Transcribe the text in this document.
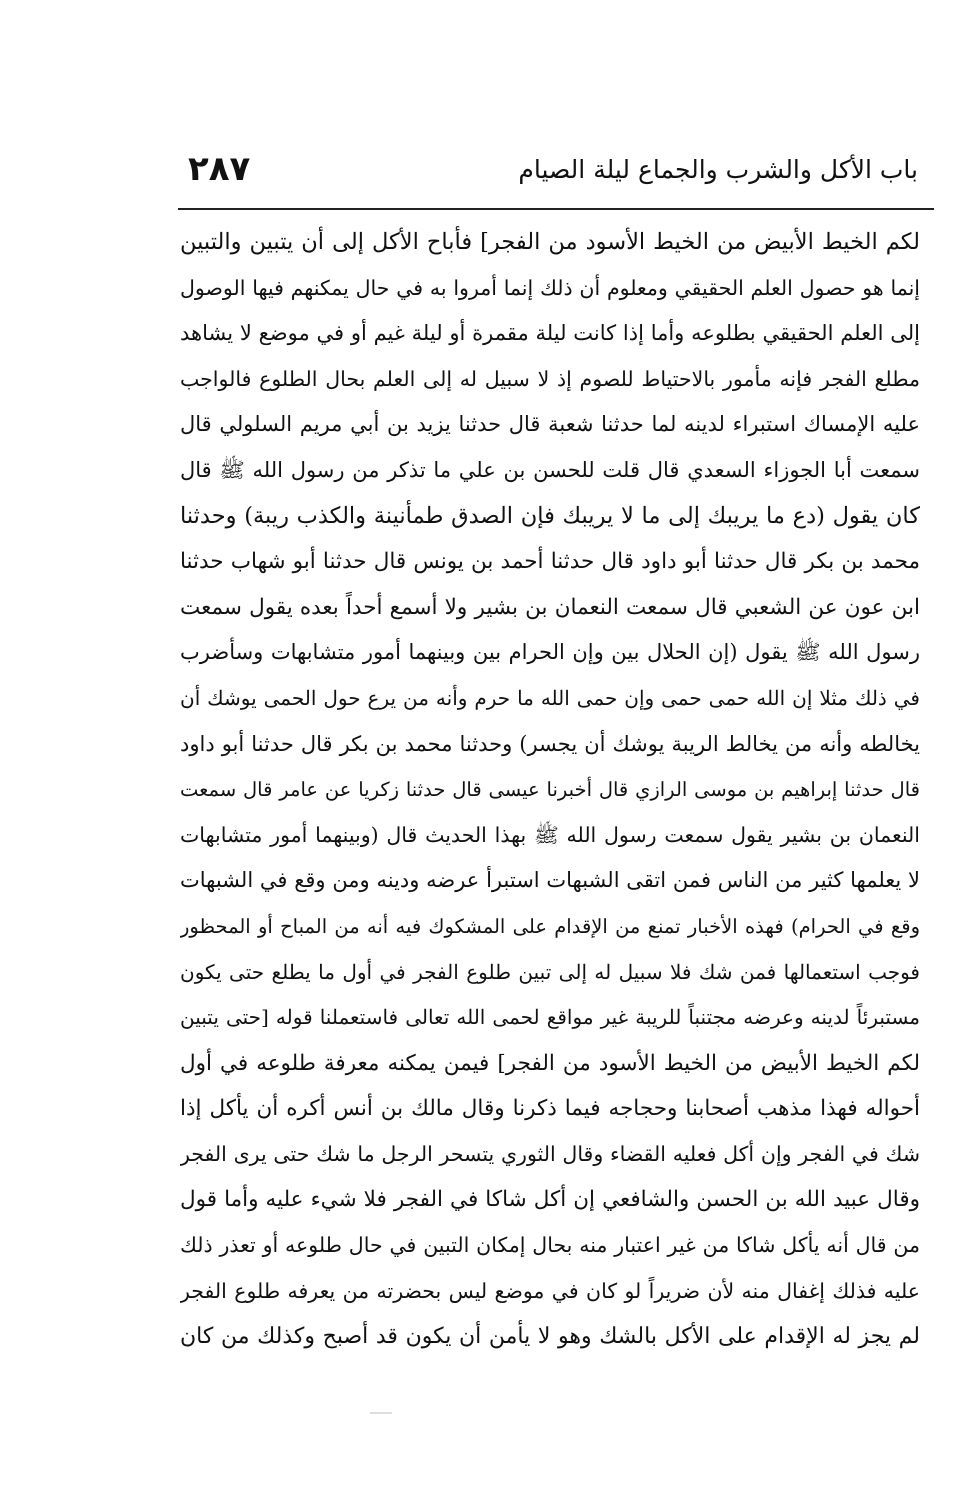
٢٨٧	باب الأكل والشرب والجماع ليلة الصيام
لكم الخيط الأبيض من الخيط الأسود من الفجر] فأباح الأكل إلى أن يتبين والتبين
إنما هو حصول العلم الحقيقي ومعلوم أن ذلك إنما أمروا به في حال يمكنهم فيها الوصول
إلى العلم الحقيقي بطلوعه وأما إذا كانت ليلة مقمرة أو ليلة غيم أو في موضع لا يشاهد
مطلع الفجر فإنه مأمور بالاحتياط للصوم إذ لا سبيل له إلى العلم بحال الطلوع فالواجب
عليه الإمساك استبراء لدينه لما حدثنا شعبة قال حدثنا يزيد بن أبي مريم السلولي قال
سمعت أبا الجوزاء السعدي قال قلت للحسن بن علي ما تذكر من رسول الله ﷺ قال
كان يقول (دع ما يريبك إلى ما لا يريبك فإن الصدق طمأنينة والكذب ريبة) وحدثنا
محمد بن بكر قال حدثنا أبو داود قال حدثنا أحمد بن يونس قال حدثنا أبو شهاب حدثنا
ابن عون عن الشعبي قال سمعت النعمان بن بشير ولا أسمع أحداً بعده يقول سمعت
رسول الله ﷺ يقول (إن الحلال بين وإن الحرام بين وبينهما أمور متشابهات وسأضرب
في ذلك مثلا إن الله حمى حمى وإن حمى الله ما حرم وأنه من يرع حول الحمى يوشك أن
يخالطه وأنه من يخالط الريبة يوشك أن يجسر) وحدثنا محمد بن بكر قال حدثنا أبو داود
قال حدثنا إبراهيم بن موسى الرازي قال أخبرنا عيسى قال حدثنا زكريا عن عامر قال سمعت
النعمان بن بشير يقول سمعت رسول الله ﷺ بهذا الحديث قال (وبينهما أمور متشابهات
لا يعلمها كثير من الناس فمن اتقى الشبهات استبرأ عرضه ودينه ومن وقع في الشبهات
وقع في الحرام) فهذه الأخبار تمنع من الإقدام على المشكوك فيه أنه من المباح أو المحظور
فوجب استعمالها فمن شك فلا سبيل له إلى تبين طلوع الفجر في أول ما يطلع حتى يكون
مستبرئاً لدينه وعرضه مجتنباً للريبة غير مواقع لحمى الله تعالى فاستعملنا قوله [حتى يتبين
لكم الخيط الأبيض من الخيط الأسود من الفجر] فيمن يمكنه معرفة طلوعه في أول
أحواله فهذا مذهب أصحابنا وحجاجه فيما ذكرنا وقال مالك بن أنس أكره أن يأكل إذا
شك في الفجر وإن أكل فعليه القضاء وقال الثوري يتسحر الرجل ما شك حتى يرى الفجر
وقال عبيد الله بن الحسن والشافعي إن أكل شاكا في الفجر فلا شيء عليه وأما قول
من قال أنه يأكل شاكا من غير اعتبار منه بحال إمكان التبين في حال طلوعه أو تعذر ذلك
عليه فذلك إغفال منه لأن ضريراً لو كان في موضع ليس بحضرته من يعرفه طلوع الفجر
لم يجز له الإقدام على الأكل بالشك وهو لا يأمن أن يكون قد أصبح وكذلك من كان
